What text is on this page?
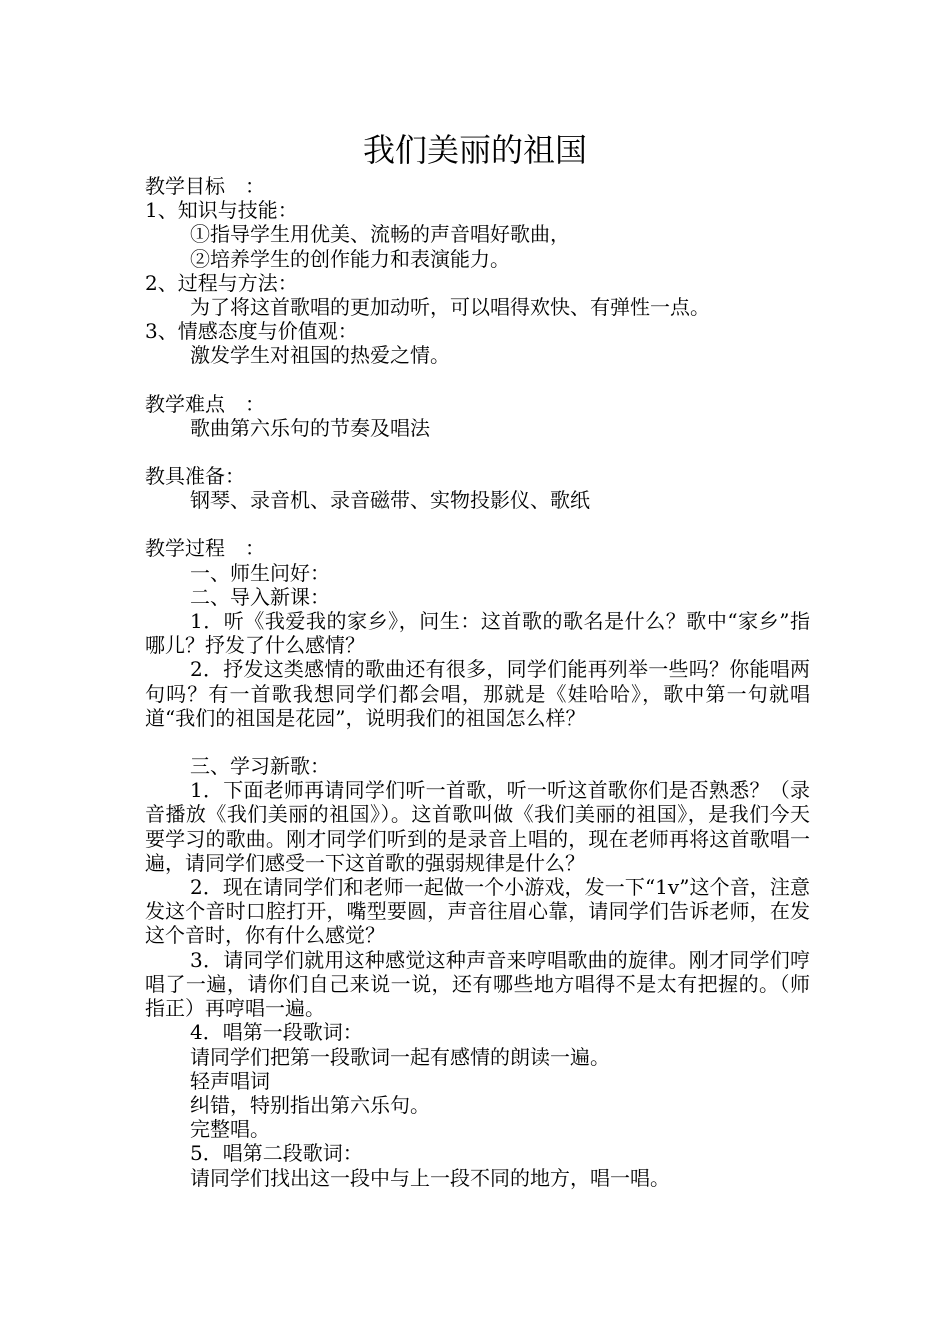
我们美丽的祖国

教学目标　：

1、知识与技能：

①指导学生用优美、流畅的声音唱好歌曲，

②培养学生的创作能力和表演能力。

2、过程与方法：

为了将这首歌唱的更加动听，可以唱得欢快、有弹性一点。

3、情感态度与价值观：

激发学生对祖国的热爱之情。

教学难点　：

歌曲第六乐句的节奏及唱法

教具准备：

钢琴、录音机、录音磁带、实物投影仪、歌纸

教学过程　：

一、师生问好：

二、导入新课：

1．听《我爱我的家乡》，问生：这首歌的歌名是什么？歌中“家乡”指哪儿？抒发了什么感情？

2．抒发这类感情的歌曲还有很多，同学们能再列举一些吗？你能唱两句吗？有一首歌我想同学们都会唱，那就是《娃哈哈》，歌中第一句就唱道“我们的祖国是花园”，说明我们的祖国怎么样？

三、学习新歌：

1．下面老师再请同学们听一首歌，听一听这首歌你们是否熟悉？（录音播放《我们美丽的祖国》）。这首歌叫做《我们美丽的祖国》，是我们今天要学习的歌曲。刚才同学们听到的是录音上唱的，现在老师再将这首歌唱一遍，请同学们感受一下这首歌的强弱规律是什么？

2．现在请同学们和老师一起做一个小游戏，发一下“1v”这个音，注意发这个音时口腔打开，嘴型要圆，声音往眉心靠，请同学们告诉老师，在发这个音时，你有什么感觉？

3．请同学们就用这种感觉这种声音来哼唱歌曲的旋律。刚才同学们哼唱了一遍，请你们自己来说一说，还有哪些地方唱得不是太有把握的。（师指正）再哼唱一遍。

4．唱第一段歌词：

请同学们把第一段歌词一起有感情的朗读一遍。

轻声唱词

纠错，特别指出第六乐句。

完整唱。

5．唱第二段歌词：

请同学们找出这一段中与上一段不同的地方，唱一唱。
